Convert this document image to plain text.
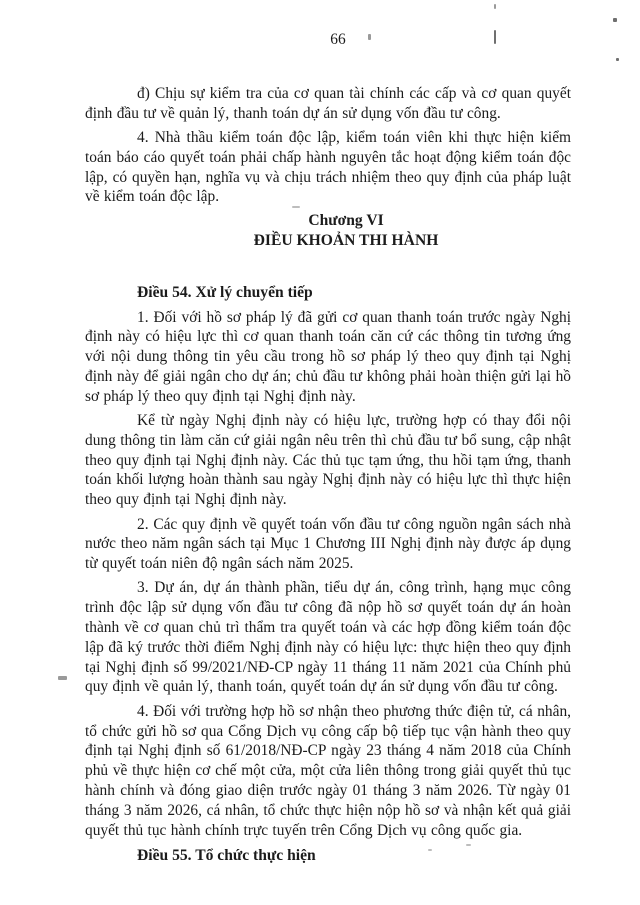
66

đ) Chịu sự kiểm tra của cơ quan tài chính các cấp và cơ quan quyết định đầu tư về quản lý, thanh toán dự án sử dụng vốn đầu tư công.

4. Nhà thầu kiểm toán độc lập, kiểm toán viên khi thực hiện kiểm toán báo cáo quyết toán phải chấp hành nguyên tắc hoạt động kiểm toán độc lập, có quyền hạn, nghĩa vụ và chịu trách nhiệm theo quy định của pháp luật về kiểm toán độc lập.

Chương VI
ĐIỀU KHOẢN THI HÀNH

Điều 54. Xử lý chuyển tiếp

1. Đối với hồ sơ pháp lý đã gửi cơ quan thanh toán trước ngày Nghị định này có hiệu lực thì cơ quan thanh toán căn cứ các thông tin tương ứng với nội dung thông tin yêu cầu trong hồ sơ pháp lý theo quy định tại Nghị định này để giải ngân cho dự án; chủ đầu tư không phải hoàn thiện gửi lại hồ sơ pháp lý theo quy định tại Nghị định này.

Kể từ ngày Nghị định này có hiệu lực, trường hợp có thay đổi nội dung thông tin làm căn cứ giải ngân nêu trên thì chủ đầu tư bổ sung, cập nhật theo quy định tại Nghị định này. Các thủ tục tạm ứng, thu hồi tạm ứng, thanh toán khối lượng hoàn thành sau ngày Nghị định này có hiệu lực thì thực hiện theo quy định tại Nghị định này.

2. Các quy định về quyết toán vốn đầu tư công nguồn ngân sách nhà nước theo năm ngân sách tại Mục 1 Chương III Nghị định này được áp dụng từ quyết toán niên độ ngân sách năm 2025.

3. Dự án, dự án thành phần, tiểu dự án, công trình, hạng mục công trình độc lập sử dụng vốn đầu tư công đã nộp hồ sơ quyết toán dự án hoàn thành về cơ quan chủ trì thẩm tra quyết toán và các hợp đồng kiểm toán độc lập đã ký trước thời điểm Nghị định này có hiệu lực: thực hiện theo quy định tại Nghị định số 99/2021/NĐ-CP ngày 11 tháng 11 năm 2021 của Chính phủ quy định về quản lý, thanh toán, quyết toán dự án sử dụng vốn đầu tư công.

4. Đối với trường hợp hồ sơ nhận theo phương thức điện tử, cá nhân, tổ chức gửi hồ sơ qua Cổng Dịch vụ công cấp bộ tiếp tục vận hành theo quy định tại Nghị định số 61/2018/NĐ-CP ngày 23 tháng 4 năm 2018 của Chính phủ về thực hiện cơ chế một cửa, một cửa liên thông trong giải quyết thủ tục hành chính và đóng giao diện trước ngày 01 tháng 3 năm 2026. Từ ngày 01 tháng 3 năm 2026, cá nhân, tổ chức thực hiện nộp hồ sơ và nhận kết quả giải quyết thủ tục hành chính trực tuyến trên Cổng Dịch vụ công quốc gia.

Điều 55. Tổ chức thực hiện
